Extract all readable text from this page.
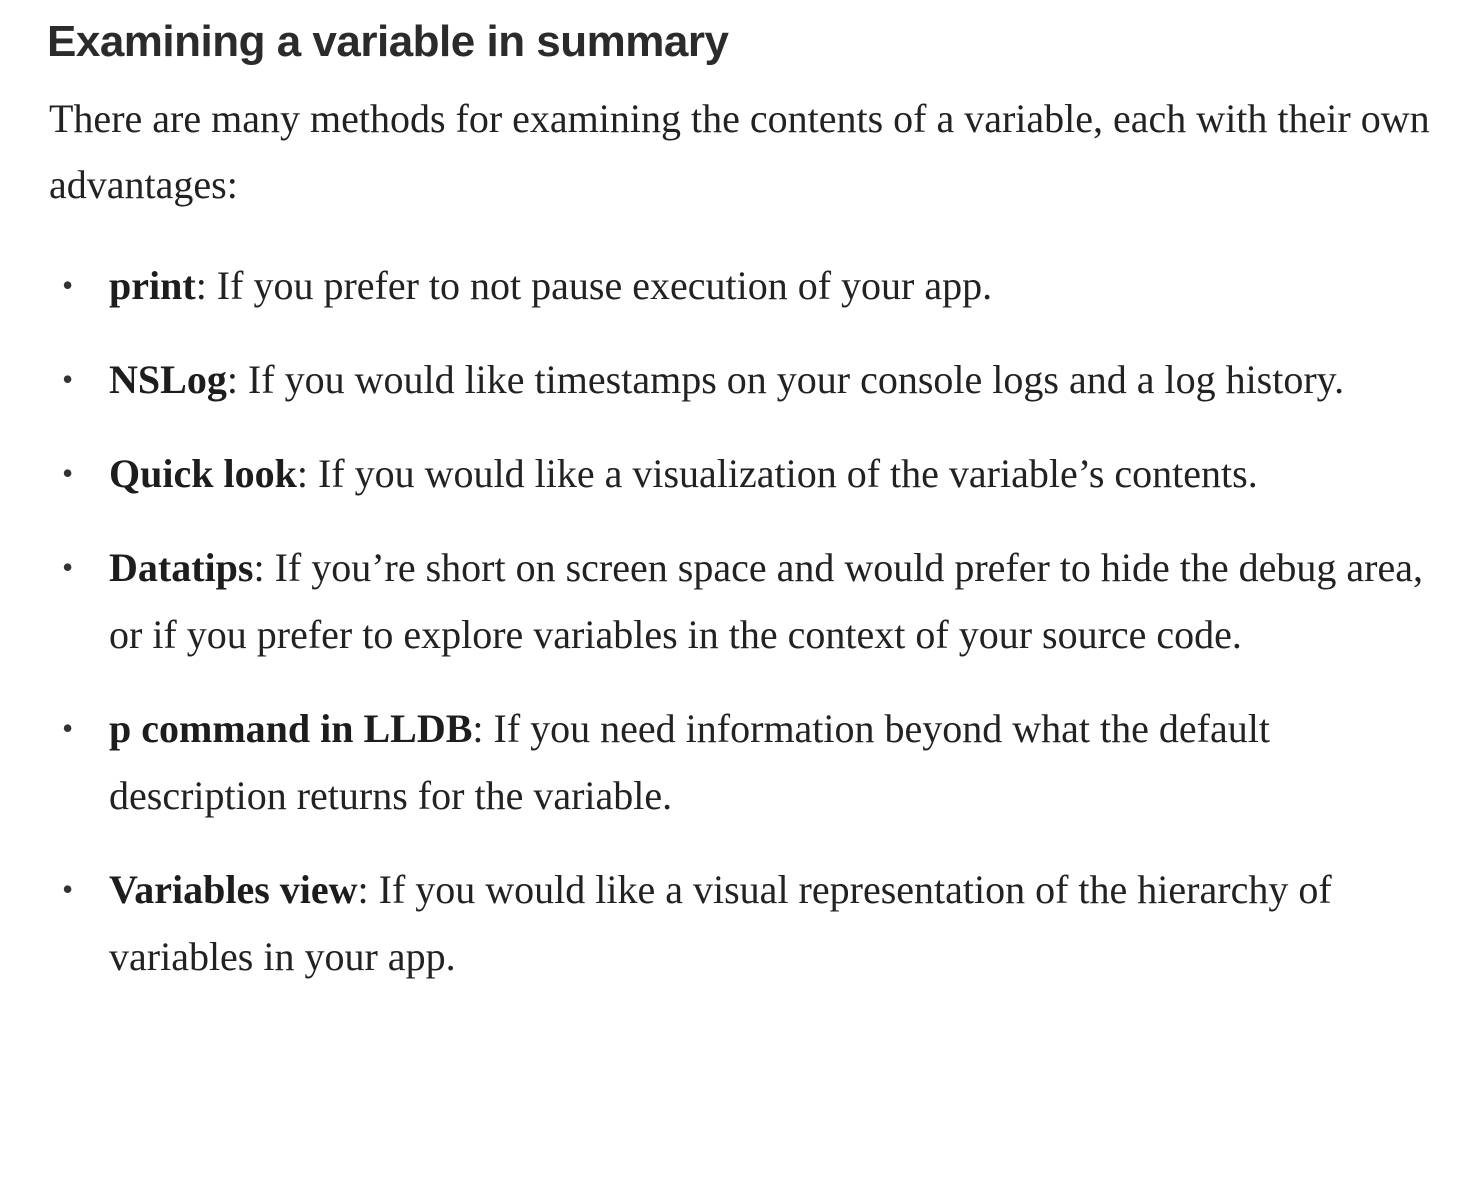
Examining a variable in summary

There are many methods for examining the contents of a variable, each with their own advantages:

• print: If you prefer to not pause execution of your app.
• NSLog: If you would like timestamps on your console logs and a log history.
• Quick look: If you would like a visualization of the variable’s contents.
• Datatips: If you’re short on screen space and would prefer to hide the debug area, or if you prefer to explore variables in the context of your source code.
• p command in LLDB: If you need information beyond what the default description returns for the variable.
• Variables view: If you would like a visual representation of the hierarchy of variables in your app.
